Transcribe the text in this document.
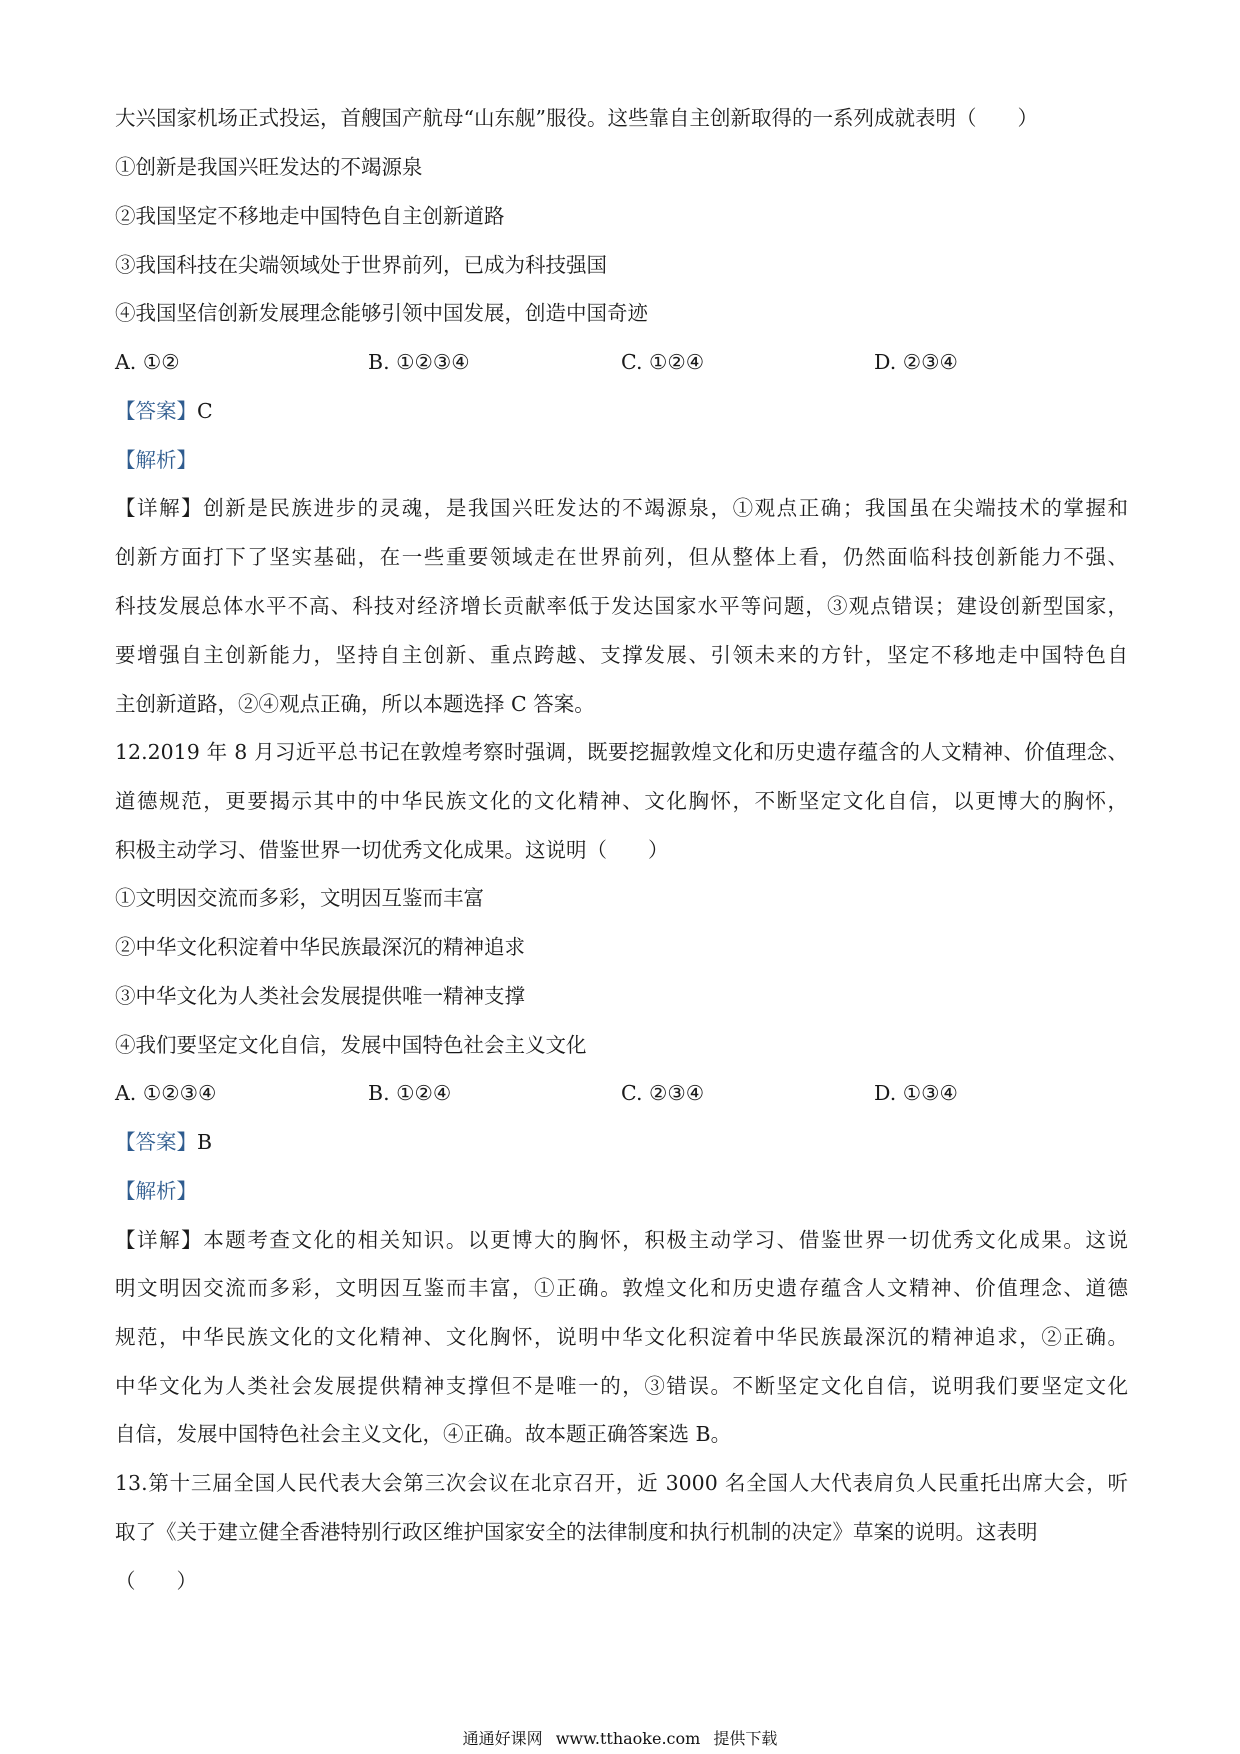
大兴国家机场正式投运，首艘国产航母“山东舰”服役。这些靠自主创新取得的一系列成就表明（　　）
①创新是我国兴旺发达的不竭源泉
②我国坚定不移地走中国特色自主创新道路
③我国科技在尖端领域处于世界前列，已成为科技强国
④我国坚信创新发展理念能够引领中国发展，创造中国奇迹
A. ①②	B. ①②③④	C. ①②④	D. ②③④
【答案】C
【解析】
【详解】创新是民族进步的灵魂，是我国兴旺发达的不竭源泉，①观点正确；我国虽在尖端技术的掌握和
创新方面打下了坚实基础，在一些重要领域走在世界前列，但从整体上看，仍然面临科技创新能力不强、
科技发展总体水平不高、科技对经济增长贡献率低于发达国家水平等问题，③观点错误；建设创新型国家，
要增强自主创新能力，坚持自主创新、重点跨越、支撑发展、引领未来的方针，坚定不移地走中国特色自
主创新道路，②④观点正确，所以本题选择 C 答案。
12.2019 年 8 月习近平总书记在敦煌考察时强调，既要挖掘敦煌文化和历史遗存蕴含的人文精神、价值理念、
道德规范，更要揭示其中的中华民族文化的文化精神、文化胸怀，不断坚定文化自信，以更博大的胸怀，
积极主动学习、借鉴世界一切优秀文化成果。这说明（　　）
①文明因交流而多彩，文明因互鉴而丰富
②中华文化积淀着中华民族最深沉的精神追求
③中华文化为人类社会发展提供唯一精神支撑
④我们要坚定文化自信，发展中国特色社会主义文化
A. ①②③④	B. ①②④	C. ②③④	D. ①③④
【答案】B
【解析】
【详解】本题考查文化的相关知识。以更博大的胸怀，积极主动学习、借鉴世界一切优秀文化成果。这说
明文明因交流而多彩，文明因互鉴而丰富，①正确。敦煌文化和历史遗存蕴含人文精神、价值理念、道德
规范，中华民族文化的文化精神、文化胸怀，说明中华文化积淀着中华民族最深沉的精神追求，②正确。
中华文化为人类社会发展提供精神支撑但不是唯一的，③错误。不断坚定文化自信，说明我们要坚定文化
自信，发展中国特色社会主义文化，④正确。故本题正确答案选 B。
13.第十三届全国人民代表大会第三次会议在北京召开，近 3000 名全国人大代表肩负人民重托出席大会，听
取了《关于建立健全香港特别行政区维护国家安全的法律制度和执行机制的决定》草案的说明。这表明
（　　）
通通好课网 www.tthaoke.com 提供下载
